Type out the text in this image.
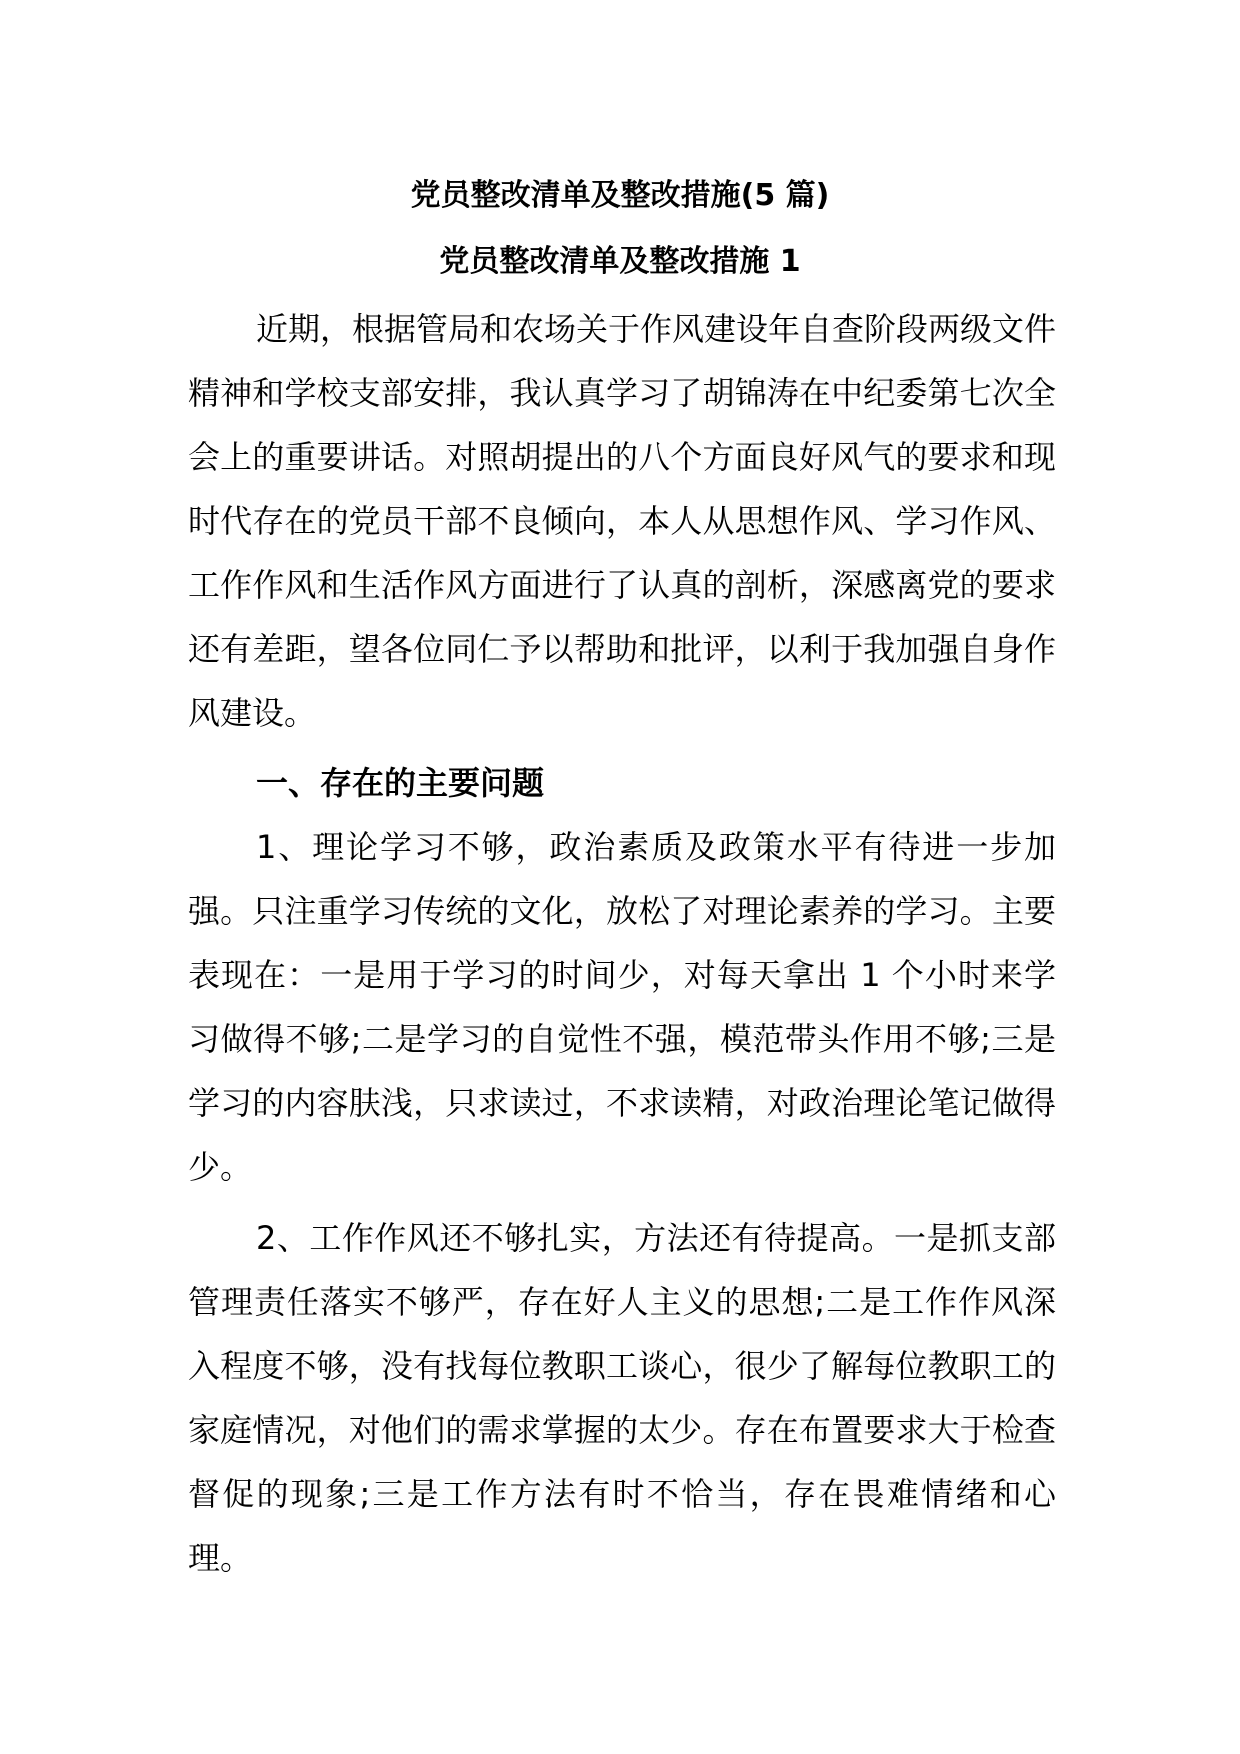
党员整改清单及整改措施(5 篇)
党员整改清单及整改措施 1

近期，根据管局和农场关于作风建设年自查阶段两级文件精神和学校支部安排，我认真学习了胡锦涛在中纪委第七次全会上的重要讲话。对照胡提出的八个方面良好风气的要求和现时代存在的党员干部不良倾向，本人从思想作风、学习作风、工作作风和生活作风方面进行了认真的剖析，深感离党的要求还有差距，望各位同仁予以帮助和批评，以利于我加强自身作风建设。

一、存在的主要问题

1、理论学习不够，政治素质及政策水平有待进一步加强。只注重学习传统的文化，放松了对理论素养的学习。主要表现在：一是用于学习的时间少，对每天拿出 1 个小时来学习做得不够;二是学习的自觉性不强，模范带头作用不够;三是学习的内容肤浅，只求读过，不求读精，对政治理论笔记做得少。

2、工作作风还不够扎实，方法还有待提高。一是抓支部管理责任落实不够严，存在好人主义的思想;二是工作作风深入程度不够，没有找每位教职工谈心，很少了解每位教职工的家庭情况，对他们的需求掌握的太少。存在布置要求大于检查督促的现象;三是工作方法有时不恰当，存在畏难情绪和心理。
